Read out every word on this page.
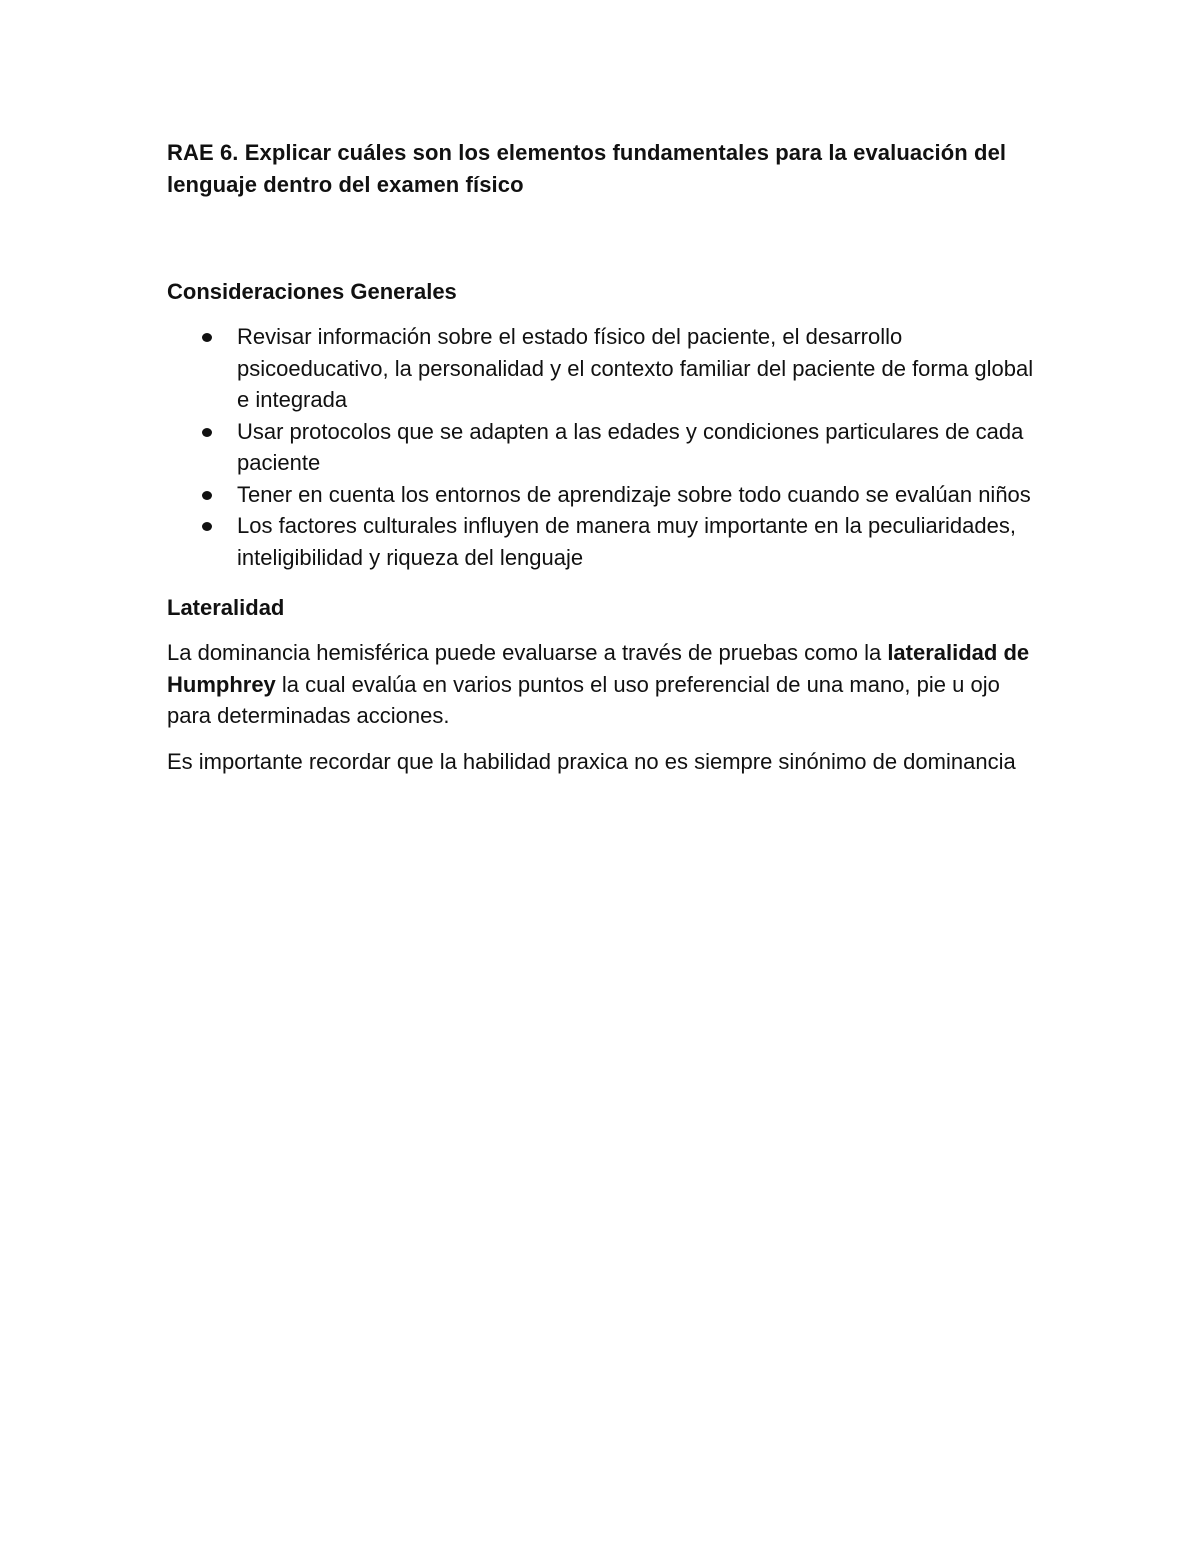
RAE 6. Explicar cuáles son los elementos fundamentales para la evaluación del lenguaje dentro del examen físico
Consideraciones Generales
Revisar información sobre el estado físico del paciente, el desarrollo psicoeducativo, la personalidad y el contexto familiar del paciente de forma global e integrada
Usar protocolos que se adapten a las edades y condiciones particulares de cada paciente
Tener en cuenta los entornos de aprendizaje sobre todo cuando se evalúan niños
Los factores culturales influyen de manera muy importante en la peculiaridades, inteligibilidad y riqueza del lenguaje
Lateralidad

La dominancia hemisférica puede evaluarse a través de pruebas como la lateralidad de Humphrey la cual evalúa en varios puntos el uso preferencial de una mano, pie u ojo para determinadas acciones.

Es importante recordar que la habilidad praxica no es siempre sinónimo de dominancia
